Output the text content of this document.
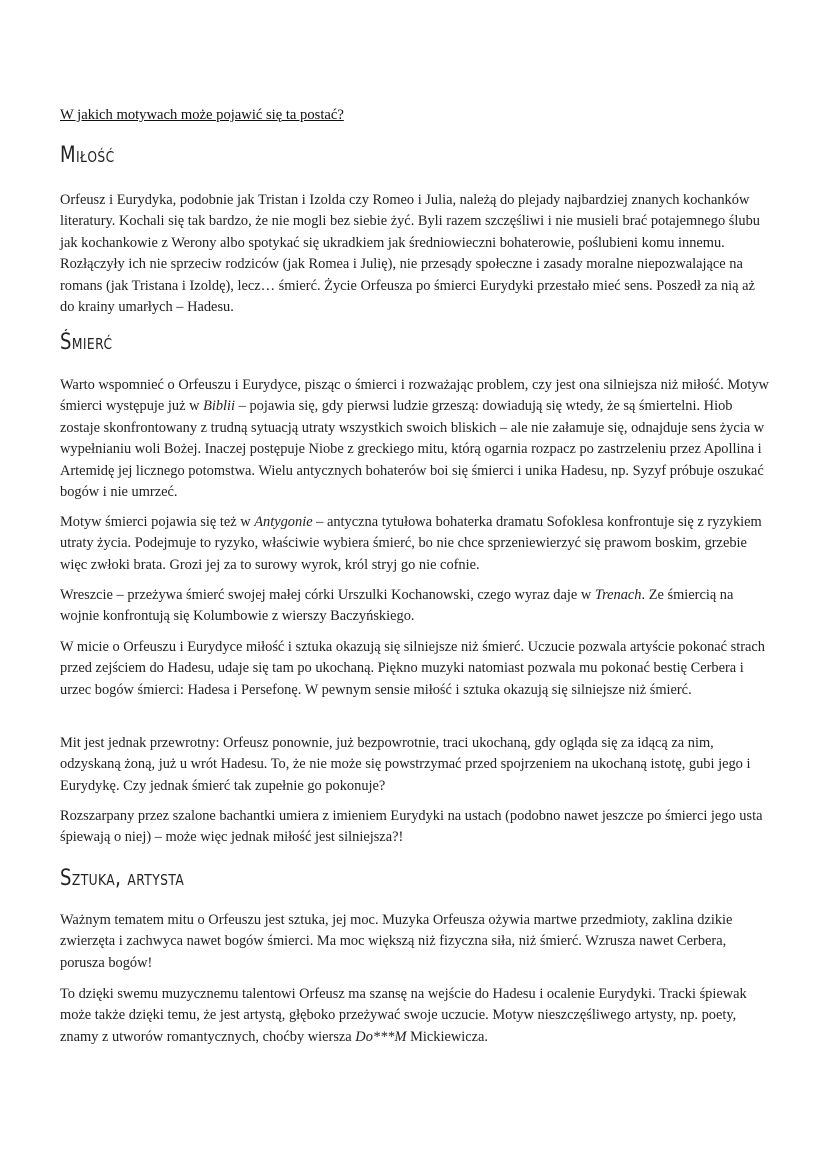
W jakich motywach może pojawić się ta postać?
Miłość

Orfeusz i Eurydyka, podobnie jak Tristan i Izolda czy Romeo i Julia, należą do plejady najbardziej znanych kochanków literatury. Kochali się tak bardzo, że nie mogli bez siebie żyć. Byli razem szczęśliwi i nie musieli brać potajemnego ślubu jak kochankowie z Werony albo spotykać się ukradkiem jak średniowieczni bohaterowie, poślubieni komu innemu. Rozłączyły ich nie sprzeciw rodziców (jak Romea i Julię), nie przesądy społeczne i zasady moralne niepozwalające na romans (jak Tristana i Izoldę), lecz… śmierć. Życie Orfeusza po śmierci Eurydyki przestało mieć sens. Poszedł za nią aż do krainy umarłych – Hadesu.

Śmierć

Warto wspomnieć o Orfeuszu i Eurydyce, pisząc o śmierci i rozważając problem, czy jest ona silniejsza niż miłość. Motyw śmierci występuje już w Biblii – pojawia się, gdy pierwsi ludzie grzeszą: dowiadują się wtedy, że są śmiertelni. Hiob zostaje skonfrontowany z trudną sytuacją utraty wszystkich swoich bliskich – ale nie załamuje się, odnajduje sens życia w wypełnianiu woli Bożej. Inaczej postępuje Niobe z greckiego mitu, którą ogarnia rozpacz po zastrzeleniu przez Apollina i Artemidę jej licznego potomstwa. Wielu antycznych bohaterów boi się śmierci i unika Hadesu, np. Syzyf próbuje oszukać bogów i nie umrzeć.

Motyw śmierci pojawia się też w Antygonie – antyczna tytułowa bohaterka dramatu Sofoklesa konfrontuje się z ryzykiem utraty życia. Podejmuje to ryzyko, właściwie wybiera śmierć, bo nie chce sprzeniewierzyć się prawom boskim, grzebie więc zwłoki brata. Grozi jej za to surowy wyrok, król stryj go nie cofnie.

Wreszcie – przeżywa śmierć swojej małej córki Urszulki Kochanowski, czego wyraz daje w Trenach. Ze śmiercią na wojnie konfrontują się Kolumbowie z wierszy Baczyńskiego.

W micie o Orfeuszu i Eurydyce miłość i sztuka okazują się silniejsze niż śmierć. Uczucie pozwala artyście pokonać strach przed zejściem do Hadesu, udaje się tam po ukochaną. Piękno muzyki natomiast pozwala mu pokonać bestię Cerbera i urzec bogów śmierci: Hadesa i Persefonę. W pewnym sensie miłość i sztuka okazują się silniejsze niż śmierć.

Mit jest jednak przewrotny: Orfeusz ponownie, już bezpowrotnie, traci ukochaną, gdy ogląda się za idącą za nim, odzyskaną żoną, już u wrót Hadesu. To, że nie może się powstrzymać przed spojrzeniem na ukochaną istotę, gubi jego i Eurydykę. Czy jednak śmierć tak zupełnie go pokonuje?

Rozszarpany przez szalone bachantki umiera z imieniem Eurydyki na ustach (podobno nawet jeszcze po śmierci jego usta śpiewają o niej) – może więc jednak miłość jest silniejsza?!

Sztuka, artysta

Ważnym tematem mitu o Orfeuszu jest sztuka, jej moc. Muzyka Orfeusza ożywia martwe przedmioty, zaklina dzikie zwierzęta i zachwyca nawet bogów śmierci. Ma moc większą niż fizyczna siła, niż śmierć. Wzrusza nawet Cerbera, porusza bogów!

To dzięki swemu muzycznemu talentowi Orfeusz ma szansę na wejście do Hadesu i ocalenie Eurydyki. Tracki śpiewak może także dzięki temu, że jest artystą, głęboko przeżywać swoje uczucie. Motyw nieszczęśliwego artysty, np. poety, znamy z utworów romantycznych, choćby wiersza Do***M Mickiewicza.
